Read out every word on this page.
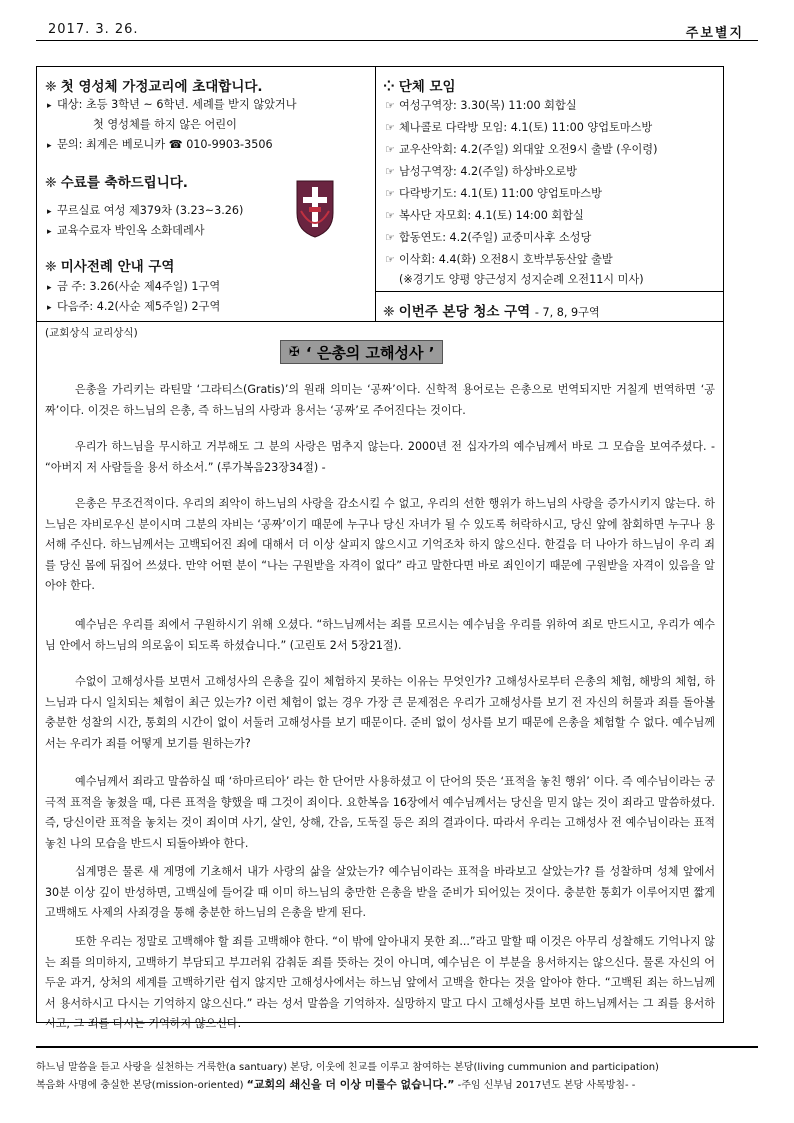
2017. 3. 26.	주보별지
❈ 첫 영성체 가정교리에 초대합니다.
▸ 대상: 초등 3학년 ~ 6학년. 세례를 받지 않았거나
첫 영성체를 하지 않은 어린이
▸ 문의: 최계은 베로니카 ☎ 010-9903-3506
❈ 수료를 축하드립니다.
▸ 꾸르실료 여성 제379차 (3.23~3.26)
▸ 교육수료자 박인옥 소화데레사
❈ 미사전례 안내 구역
▸ 금 주: 3.26(사순 제4주일) 1구역
▸ 다음주: 4.2(사순 제5주일) 2구역
⁘ 단체 모임
☞ 여성구역장: 3.30(목) 11:00 회합실
☞ 체나콜로 다락방 모임: 4.1(토) 11:00 양업토마스방
☞ 교우산악회: 4.2(주일) 외대앞 오전9시 출발 (우이령)
☞ 남성구역장: 4.2(주일) 하상바오로방
☞ 다락방기도: 4.1(토) 11:00 양업토마스방
☞ 복사단 자모회: 4.1(토) 14:00 회합실
☞ 합동연도: 4.2(주일) 교중미사후 소성당
☞ 이삭회: 4.4(화) 오전8시 호박부동산앞 출발
(※경기도 양평 양근성지 성지순례 오전11시 미사)
❈ 이번주 본당 청소 구역 - 7, 8, 9구역
(교회상식 교리상식)
✠ ‘ 은총의 고해성사 ’
은총을 가리키는 라틴말 ‘그라티스(Gratis)’의 원래 의미는 ‘공짜’이다. 신학적 용어로는 은총으로 번역되지만 거칠게 번역하면 ‘공짜’이다. 이것은 하느님의 은총, 즉 하느님의 사랑과 용서는 ‘공짜’로 주어진다는 것이다.
우리가 하느님을 무시하고 거부해도 그 분의 사랑은 멈추지 않는다. 2000년 전 십자가의 예수님께서 바로 그 모습을 보여주셨다. - “아버지 저 사람들을 용서 하소서.” (루가복음23장34절) -
은총은 무조건적이다. 우리의 죄악이 하느님의 사랑을 감소시킬 수 없고, 우리의 선한 행위가 하느님의 사랑을 증가시키지 않는다. 하느님은 자비로우신 분이시며 그분의 자비는 ‘공짜’이기 때문에 누구나 당신 자녀가 될 수 있도록 허락하시고, 당신 앞에 참회하면 누구나 용서해 주신다. 하느님께서는 고백되어진 죄에 대해서 더 이상 살피지 않으시고 기억조차 하지 않으신다. 한걸음 더 나아가 하느님이 우리 죄를 당신 몸에 뒤집어 쓰셨다. 만약 어떤 분이 “나는 구원받을 자격이 없다” 라고 말한다면 바로 죄인이기 때문에 구원받을 자격이 있음을 알아야 한다.
예수님은 우리를 죄에서 구원하시기 위해 오셨다. “하느님께서는 죄를 모르시는 예수님을 우리를 위하여 죄로 만드시고, 우리가 예수님 안에서 하느님의 의로움이 되도록 하셨습니다.” (고린토 2서 5장21절).
수없이 고해성사를 보면서 고해성사의 은총을 깊이 체험하지 못하는 이유는 무엇인가? 고해성사로부터 은총의 체험, 해방의 체험, 하느님과 다시 일치되는 체험이 최근 있는가? 이런 체험이 없는 경우 가장 큰 문제점은 우리가 고해성사를 보기 전 자신의 허물과 죄를 돌아볼 충분한 성찰의 시간, 통회의 시간이 없이 서둘러 고해성사를 보기 때문이다. 준비 없이 성사를 보기 때문에 은총을 체험할 수 없다. 예수님께서는 우리가 죄를 어떻게 보기를 원하는가?
예수님께서 죄라고 말씀하실 때 ‘하마르티아’ 라는 한 단어만 사용하셨고 이 단어의 뜻은 ‘표적을 놓친 행위’ 이다. 즉 예수님이라는 궁극적 표적을 놓쳤을 때, 다른 표적을 향했을 때 그것이 죄이다. 요한복음 16장에서 예수님께서는 당신을 믿지 않는 것이 죄라고 말씀하셨다. 즉, 당신이란 표적을 놓치는 것이 죄이며 사기, 살인, 상해, 간음, 도둑질 등은 죄의 결과이다. 따라서 우리는 고해성사 전 예수님이라는 표적 놓친 나의 모습을 반드시 되돌아봐야 한다.
십계명은 물론 새 계명에 기초해서 내가 사랑의 삶을 살았는가? 예수님이라는 표적을 바라보고 살았는가? 를 성찰하며 성체 앞에서 30분 이상 깊이 반성하면, 고백실에 들어갈 때 이미 하느님의 충만한 은총을 받을 준비가 되어있는 것이다. 충분한 통회가 이루어지면 짧게 고백해도 사제의 사죄경을 통해 충분한 하느님의 은총을 받게 된다.
또한 우리는 정말로 고백해야 할 죄를 고백해야 한다. “이 밖에 알아내지 못한 죄...”라고 말할 때 이것은 아무리 성찰해도 기억나지 않는 죄를 의미하지, 고백하기 부담되고 부끄러워 감춰둔 죄를 뜻하는 것이 아니며, 예수님은 이 부분을 용서하지는 않으신다. 물론 자신의 어두운 과거, 상처의 세계를 고백하기란 쉽지 않지만 고해성사에서는 하느님 앞에서 고백을 한다는 것을 알아야 한다. “고백된 죄는 하느님께서 용서하시고 다시는 기억하지 않으신다.” 라는 성서 말씀을 기억하자. 실망하지 말고 다시 고해성사를 보면 하느님께서는 그 죄를 용서하시고, 그 죄를 다시는 기억하지 않으신다.
하느님 말씀을 듣고 사랑을 실천하는 거룩한(a santuary) 본당, 이웃에 친교를 이루고 참여하는 본당(living cummunion and participation)
복음화 사명에 충실한 본당(mission-oriented) “교회의 쇄신을 더 이상 미룰수 없습니다.” -주임 신부님 2017년도 본당 사목방침- -
